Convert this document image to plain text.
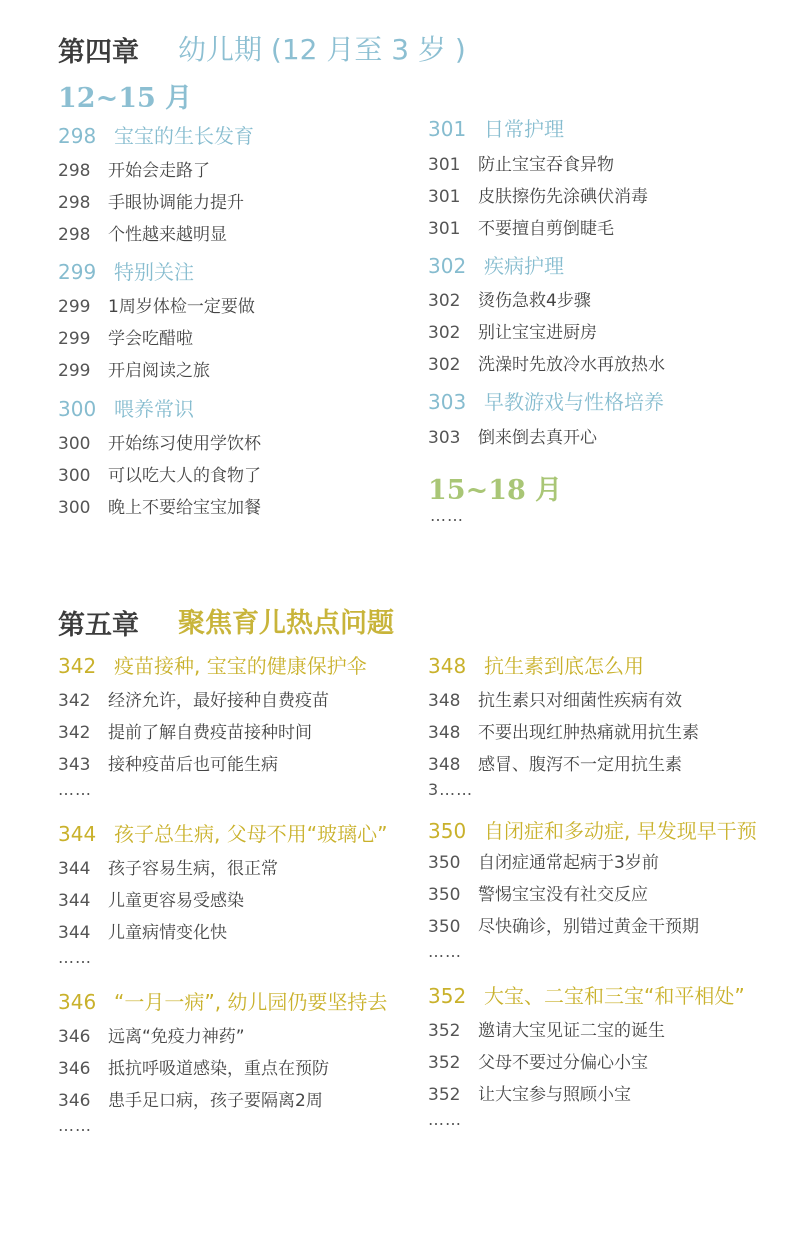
第四章 幼儿期 (12 月至 3 岁 )
12~15 月
298 宝宝的生长发育
298 开始会走路了
298 手眼协调能力提升
298 个性越来越明显
299 特别关注
299 1周岁体检一定要做
299 学会吃醋啦
299 开启阅读之旅
300 喂养常识
300 开始练习使用学饮杯
300 可以吃大人的食物了
300 晚上不要给宝宝加餐
301 日常护理
301 防止宝宝吞食异物
301 皮肤擦伤先涂碘伏消毒
301 不要擅自剪倒睫毛
302 疾病护理
302 烫伤急救4步骤
302 别让宝宝进厨房
302 洗澡时先放冷水再放热水
303 早教游戏与性格培养
303 倒来倒去真开心
15~18 月
……
第五章 聚焦育儿热点问题
342 疫苗接种, 宝宝的健康保护伞
342 经济允许，最好接种自费疫苗
342 提前了解自费疫苗接种时间
343 接种疫苗后也可能生病
……
344 孩子总生病, 父母不用“玻璃心”
344 孩子容易生病，很正常
344 儿童更容易受感染
344 儿童病情变化快
……
346 “一月一病”, 幼儿园仍要坚持去
346 远离“免疫力神药”
346 抵抗呼吸道感染，重点在预防
346 患手足口病，孩子要隔离2周
……
348 抗生素到底怎么用
348 抗生素只对细菌性疾病有效
348 不要出现红肿热痛就用抗生素
348 感冒、腹泻不一定用抗生素
3……
350 自闭症和多动症, 早发现早干预
350 自闭症通常起病于3岁前
350 警惕宝宝没有社交反应
350 尽快确诊，别错过黄金干预期
……
352 大宝、二宝和三宝“和平相处”
352 邀请大宝见证二宝的诞生
352 父母不要过分偏心小宝
352 让大宝参与照顾小宝
……
